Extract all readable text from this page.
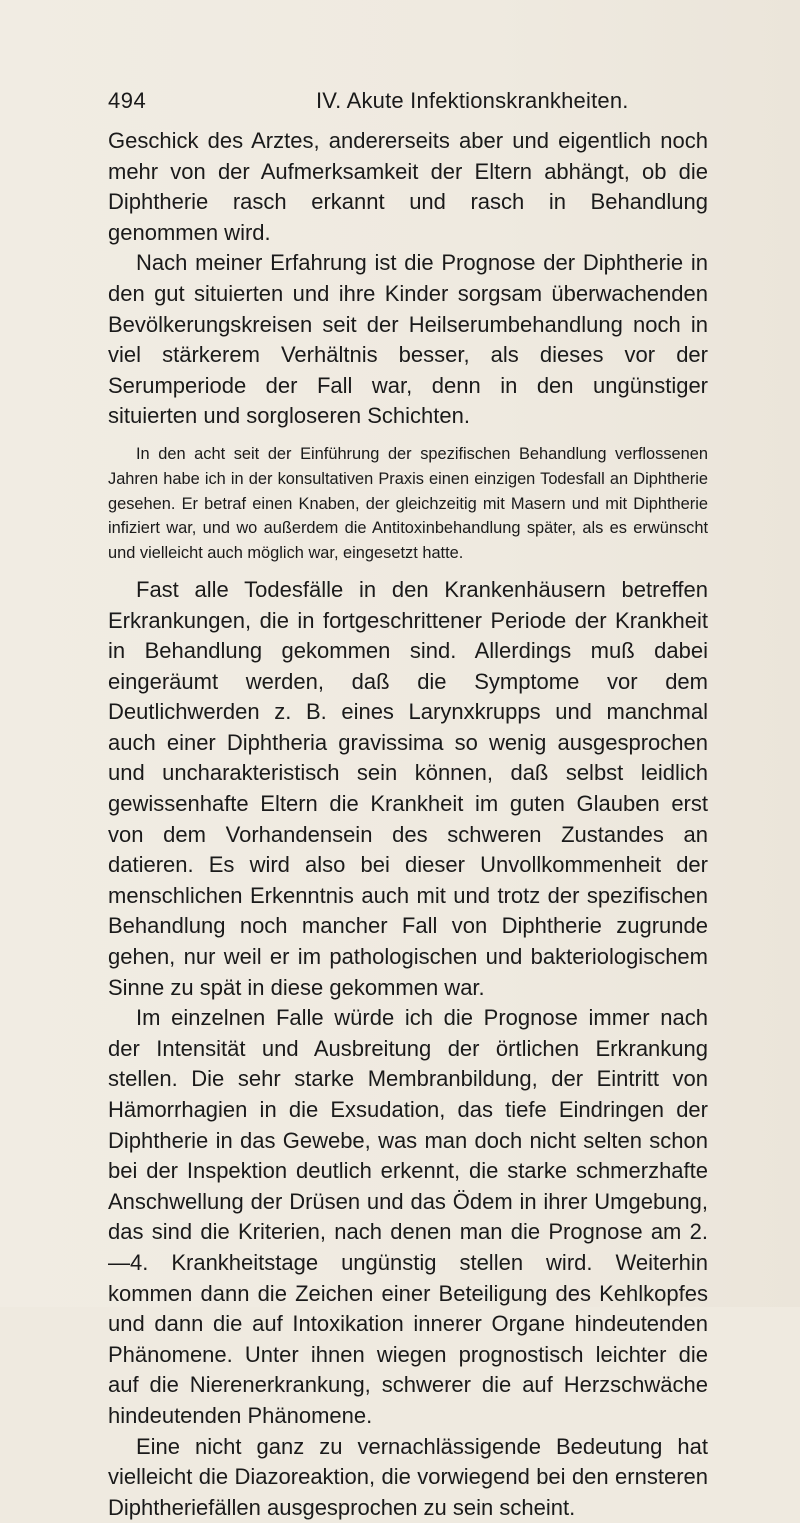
494	IV. Akute Infektionskrankheiten.

Geschick des Arztes, andererseits aber und eigentlich noch mehr von der Aufmerksamkeit der Eltern abhängt, ob die Diphtherie rasch erkannt und rasch in Behandlung genommen wird.

Nach meiner Erfahrung ist die Prognose der Diphtherie in den gut situierten und ihre Kinder sorgsam überwachenden Bevölkerungskreisen seit der Heilserumbehandlung noch in viel stärkerem Verhältnis besser, als dieses vor der Serumperiode der Fall war, denn in den ungünstiger situierten und sorgloseren Schichten.

In den acht seit der Einführung der spezifischen Behandlung verflossenen Jahren habe ich in der konsultativen Praxis einen einzigen Todesfall an Diphtherie gesehen. Er betraf einen Knaben, der gleichzeitig mit Masern und mit Diphtherie infiziert war, und wo außerdem die Antitoxinbehandlung später, als es erwünscht und vielleicht auch möglich war, eingesetzt hatte.

Fast alle Todesfälle in den Krankenhäusern betreffen Erkrankungen, die in fortgeschrittener Periode der Krankheit in Behandlung gekommen sind. Allerdings muß dabei eingeräumt werden, daß die Symptome vor dem Deutlichwerden z. B. eines Larynxkrupps und manchmal auch einer Diphtheria gravissima so wenig ausgesprochen und uncharakteristisch sein können, daß selbst leidlich gewissenhafte Eltern die Krankheit im guten Glauben erst von dem Vorhandensein des schweren Zustandes an datieren. Es wird also bei dieser Unvollkommenheit der menschlichen Erkenntnis auch mit und trotz der spezifischen Behandlung noch mancher Fall von Diphtherie zugrunde gehen, nur weil er im pathologischen und bakteriologischem Sinne zu spät in diese gekommen war.

Im einzelnen Falle würde ich die Prognose immer nach der Intensität und Ausbreitung der örtlichen Erkrankung stellen. Die sehr starke Membranbildung, der Eintritt von Hämorrhagien in die Exsudation, das tiefe Eindringen der Diphtherie in das Gewebe, was man doch nicht selten schon bei der Inspektion deutlich erkennt, die starke schmerzhafte Anschwellung der Drüsen und das Ödem in ihrer Umgebung, das sind die Kriterien, nach denen man die Prognose am 2.—4. Krankheitstage ungünstig stellen wird. Weiterhin kommen dann die Zeichen einer Beteiligung des Kehlkopfes und dann die auf Intoxikation innerer Organe hindeutenden Phänomene. Unter ihnen wiegen prognostisch leichter die auf die Nierenerkrankung, schwerer die auf Herzschwäche hindeutenden Phänomene.

Eine nicht ganz zu vernachlässigende Bedeutung hat vielleicht die Diazoreaktion, die vorwiegend bei den ernsteren Diphtheriefällen ausgesprochen zu sein scheint.
